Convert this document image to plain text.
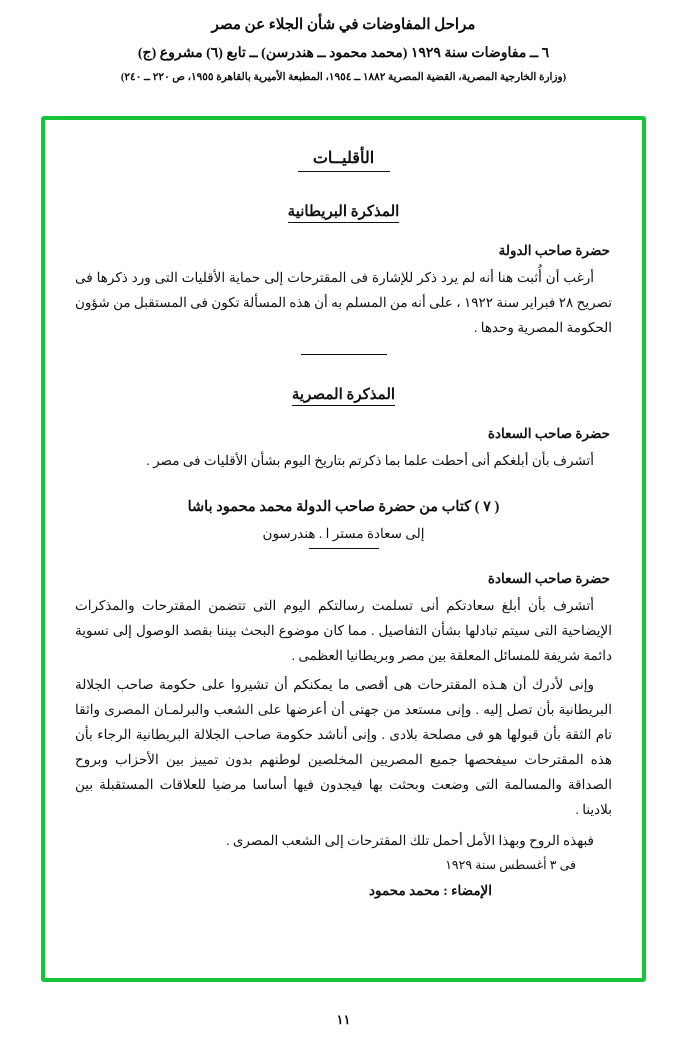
مراحل المفاوضات في شأن الجلاء عن مصر
٦ ــ مفاوضات سنة ١٩٢٩ (محمد محمود ــ هندرسن) ــ تابع (٦) مشروع (ج)
(وزارة الخارجية المصرية، القضية المصرية ١٨٨٢ ــ ١٩٥٤، المطبعة الأميرية بالقاهرة ١٩٥٥، ص ٢٢٠ ــ ٢٤٠)
الأقليــات
المذكرة البريطانية
حضرة صاحب الدولة

أرغب أن أُثبت هنا أنه لم يرد ذكر للإشارة فى المقترحات إلى حماية الأقليات التى ورد ذكرها فى تصريح ٢٨ فبراير سنة ١٩٢٢ ، على أنه من المسلم به أن هذه المسألة تكون فى المستقبل من شؤون الحكومة المصرية وحدها .

المذكرة المصرية
حضرة صاحب السعادة

أتشرف بأن أبلغكم أنى أحطت علما بما ذكرتم بتاريخ اليوم بشأن الأقليات فى مصر .

( ٧ ) كتاب من حضرة صاحب الدولة محمد محمود باشا
إلى سعادة مستر ا . هندرسون
حضرة صاحب السعادة

أتشرف بأن أبلغ سعادتكم أنى تسلمت رسالتكم اليوم التى تتضمن المقترحات والمذكرات الإيضاحية التى سيتم تبادلها بشأن التفاصيل . مما كان موضوع البحث بيننا بقصد الوصول إلى تسوية دائمة شريفة للمسائل المعلقة بين مصر وبريطانيا العظمى .

وإنى لأدرك أن هـذه المقترحات هى أقصى ما يمكنكم أن تشيروا على حكومة صاحب الجلالة البريطانية بأن تصل إليه . وإنى مستعد من جهتى أن أعرضها على الشعب والبرلمـان المصرى واثقا تام الثقة بأن قبولها هو فى مصلحة بلادى . وإنى أناشد حكومة صاحب الجلالة البريطانية الرجاء بأن هذه المقترحات سيفحصها جميع المصريين المخلصين لوطنهم بدون تمييز بين الأحزاب وبروح الصداقة والمسالمة التى وضعت وبحثت بها فيجدون فيها أساسا مرضيا للعلاقات المستقبلة بين بلادينا .

فبهذه الروح وبهذا الأمل أحمل تلك المقترحات إلى الشعب المصرى .

فى ٣ أغسطس سنة ١٩٢٩
الإمضاء : محمد محمود
١١
